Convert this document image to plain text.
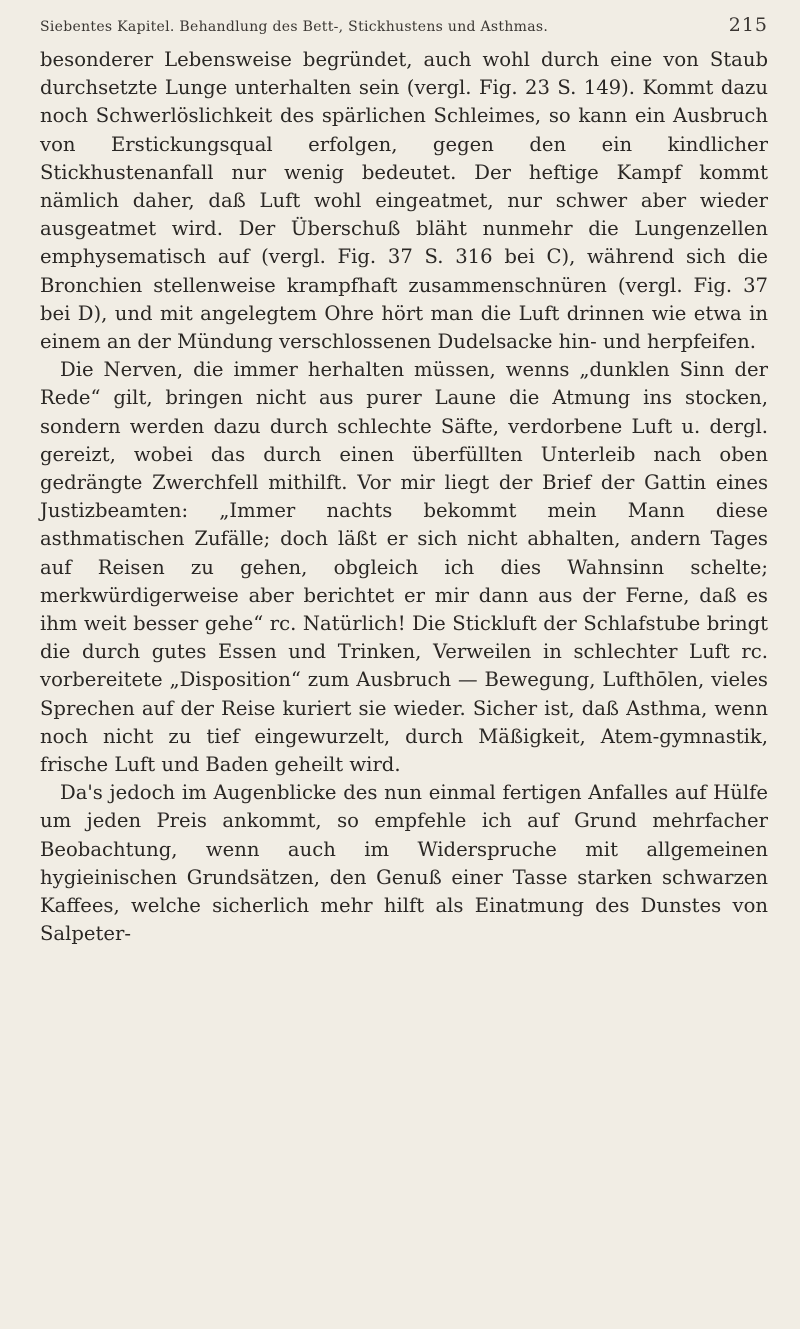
Siebentes Kapitel. Behandlung des Bett-, Stickhustens und Asthmas.	215

besonderer Lebensweise begründet, auch wohl durch eine von Staub durchsetzte Lunge unterhalten sein (vergl. Fig. 23 S. 149). Kommt dazu noch Schwerlöslichkeit des spärlichen Schleimes, so kann ein Ausbruch von Erstickungsqual erfolgen, gegen den ein kindlicher Stickhustenanfall nur wenig bedeutet. Der heftige Kampf kommt nämlich daher, daß Luft wohl eingeatmet, nur schwer aber wieder ausgeatmet wird. Der Überschuß bläht nunmehr die Lungenzellen emphysematisch auf (vergl. Fig. 37 S. 316 bei C), während sich die Bronchien stellenweise krampfhaft zusammenschnüren (vergl. Fig. 37 bei D), und mit angelegtem Ohre hört man die Luft drinnen wie etwa in einem an der Mündung verschlossenen Dudelsacke hin- und herpfeifen.

Die Nerven, die immer herhalten müssen, wenns „dunklen Sinn der Rede“ gilt, bringen nicht aus purer Laune die Atmung ins stocken, sondern werden dazu durch schlechte Säfte, verdorbene Luft u. dergl. gereizt, wobei das durch einen überfüllten Unterleib nach oben gedrängte Zwerchfell mithilft. Vor mir liegt der Brief der Gattin eines Justizbeamten: „Immer nachts bekommt mein Mann diese asthmatischen Zufälle; doch läßt er sich nicht abhalten, andern Tages auf Reisen zu gehen, obgleich ich dies Wahnsinn schelte; merkwürdigerweise aber berichtet er mir dann aus der Ferne, daß es ihm weit besser gehe“ rc. Natürlich! Die Stickluft der Schlafstube bringt die durch gutes Essen und Trinken, Verweilen in schlechter Luft rc. vorbereitete „Disposition“ zum Ausbruch — Bewegung, Lufthōlen, vieles Sprechen auf der Reise kuriert sie wieder. Sicher ist, daß Asthma, wenn noch nicht zu tief eingewurzelt, durch Mäßigkeit, Atem-gymnastik, frische Luft und Baden geheilt wird.

Da's jedoch im Augenblicke des nun einmal fertigen Anfalles auf Hülfe um jeden Preis ankommt, so empfehle ich auf Grund mehrfacher Beobachtung, wenn auch im Widerspruche mit allgemeinen hygieinischen Grundsätzen, den Genuß einer Tasse starken schwarzen Kaffees, welche sicherlich mehr hilft als Einatmung des Dunstes von Salpeter-
